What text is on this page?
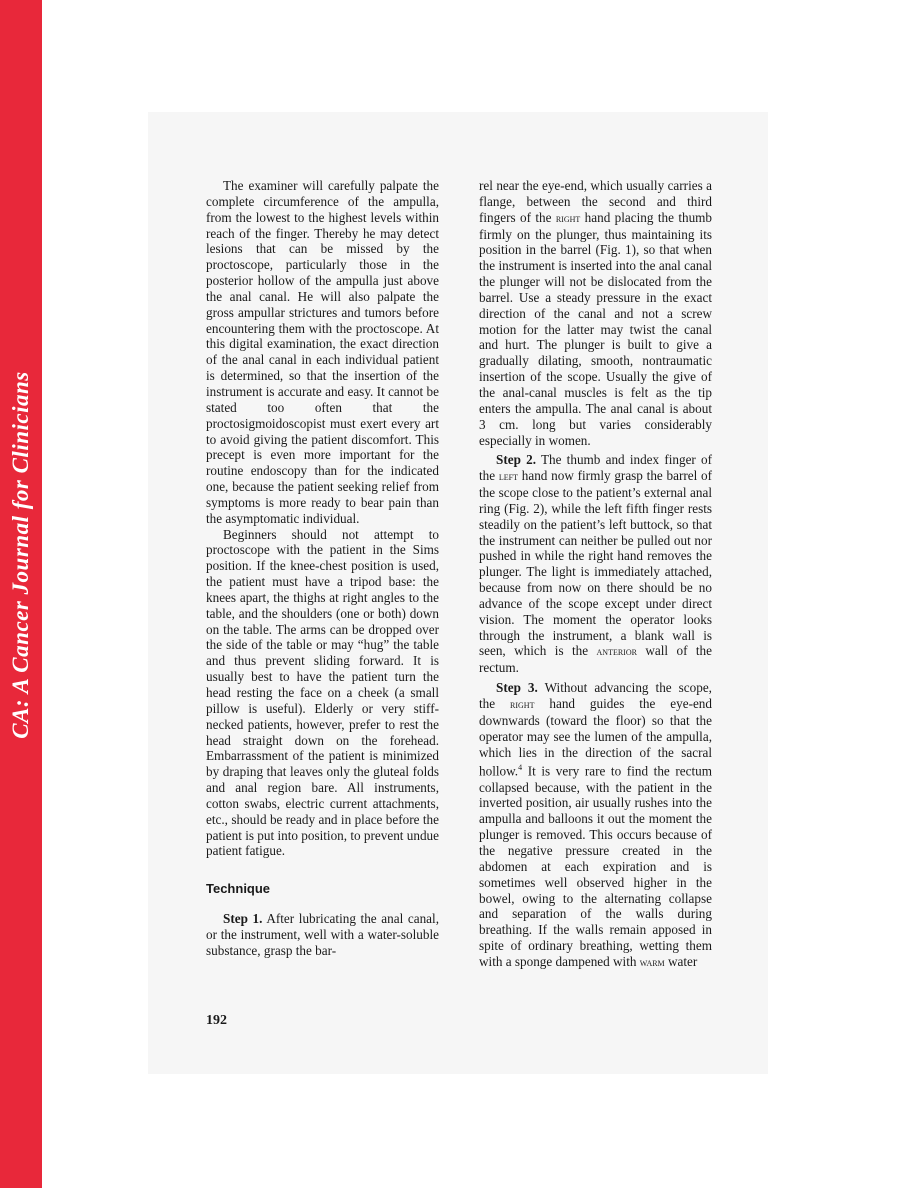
CA: A Cancer Journal for Clinicians

The examiner will carefully palpate the complete circumference of the ampulla, from the lowest to the highest levels within reach of the finger. Thereby he may detect lesions that can be missed by the proctoscope, particularly those in the posterior hollow of the ampulla just above the anal canal. He will also palpate the gross ampullar strictures and tumors before encountering them with the proctoscope. At this digital examination, the exact direction of the anal canal in each individual patient is determined, so that the insertion of the instrument is accurate and easy. It cannot be stated too often that the proctosigmoidoscopist must exert every art to avoid giving the patient discomfort. This precept is even more important for the routine endoscopy than for the indicated one, because the patient seeking relief from symptoms is more ready to bear pain than the asymptomatic individual.

Beginners should not attempt to proctoscope with the patient in the Sims position. If the knee-chest position is used, the patient must have a tripod base: the knees apart, the thighs at right angles to the table, and the shoulders (one or both) down on the table. The arms can be dropped over the side of the table or may “hug” the table and thus prevent sliding forward. It is usually best to have the patient turn the head resting the face on a cheek (a small pillow is useful). Elderly or very stiff-necked patients, however, prefer to rest the head straight down on the forehead. Embarrassment of the patient is minimized by draping that leaves only the gluteal folds and anal region bare. All instruments, cotton swabs, electric current attachments, etc., should be ready and in place before the patient is put into position, to prevent undue patient fatigue.

Technique

Step 1. After lubricating the anal canal, or the instrument, well with a water-soluble substance, grasp the bar-

rel near the eye-end, which usually carries a flange, between the second and third fingers of the right hand placing the thumb firmly on the plunger, thus maintaining its position in the barrel (Fig. 1), so that when the instrument is inserted into the anal canal the plunger will not be dislocated from the barrel. Use a steady pressure in the exact direction of the canal and not a screw motion for the latter may twist the canal and hurt. The plunger is built to give a gradually dilating, smooth, nontraumatic insertion of the scope. Usually the give of the anal-canal muscles is felt as the tip enters the ampulla. The anal canal is about 3 cm. long but varies considerably especially in women.

Step 2. The thumb and index finger of the left hand now firmly grasp the barrel of the scope close to the patient’s external anal ring (Fig. 2), while the left fifth finger rests steadily on the patient’s left buttock, so that the instrument can neither be pulled out nor pushed in while the right hand removes the plunger. The light is immediately attached, because from now on there should be no advance of the scope except under direct vision. The moment the operator looks through the instrument, a blank wall is seen, which is the anterior wall of the rectum.

Step 3. Without advancing the scope, the right hand guides the eye-end downwards (toward the floor) so that the operator may see the lumen of the ampulla, which lies in the direction of the sacral hollow.$^4$ It is very rare to find the rectum collapsed because, with the patient in the inverted position, air usually rushes into the ampulla and balloons it out the moment the plunger is removed. This occurs because of the negative pressure created in the abdomen at each expiration and is sometimes well observed higher in the bowel, owing to the alternating collapse and separation of the walls during breathing. If the walls remain apposed in spite of ordinary breathing, wetting them with a sponge dampened with warm water

192
